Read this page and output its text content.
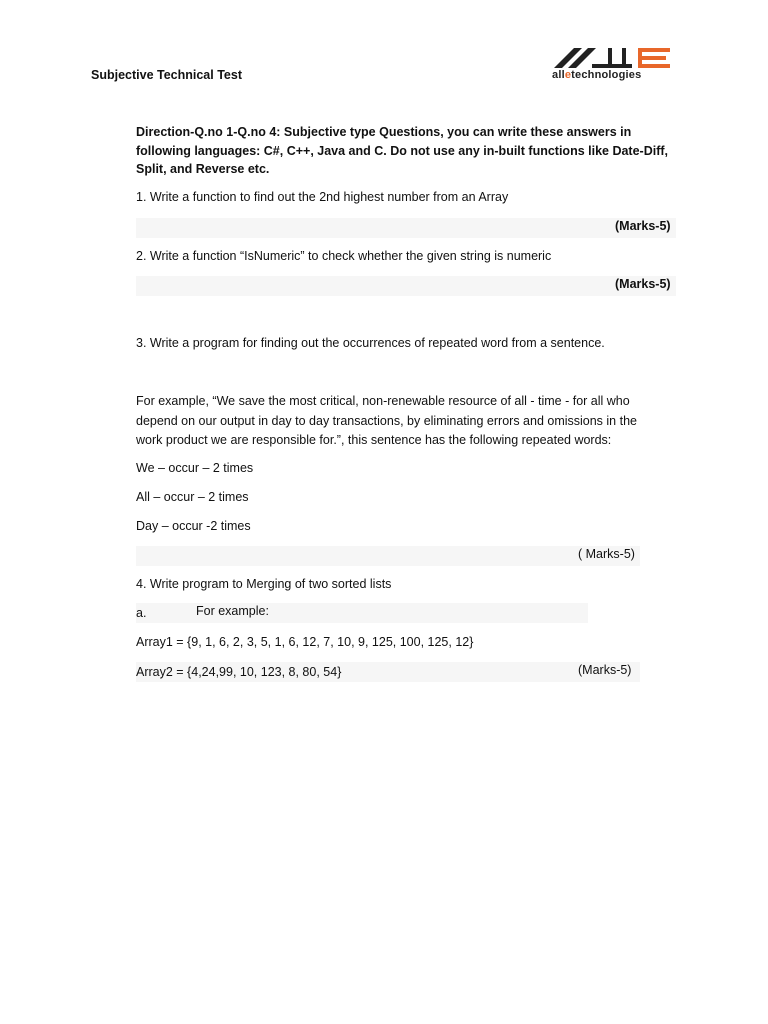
Subjective Technical Test	alletechnologies
Direction-Q.no 1-Q.no 4: Subjective type Questions, you can write these answers in following languages: C#, C++, Java and C. Do not use any in-built functions like Date-Diff, Split, and Reverse etc.
1. Write a function to find out the 2nd highest number from an Array
(Marks-5)
2. Write a function “IsNumeric” to check whether the given string is numeric
(Marks-5)
3. Write a program for finding out the occurrences of repeated word from a sentence.
For example, “We save the most critical, non-renewable resource of all - time - for all who depend on our output in day to day transactions, by eliminating errors and omissions in the work product we are responsible for.”, this sentence has the following repeated words:
We – occur – 2 times
All – occur – 2 times
Day – occur -2 times
( Marks-5)
4. Write program to Merging of two sorted lists
a.	For example:
Array1 = {9, 1, 6, 2, 3, 5, 1, 6, 12, 7, 10, 9, 125, 100, 125, 12}
Array2 = {4,24,99, 10, 123, 8, 80, 54}	(Marks-5)
